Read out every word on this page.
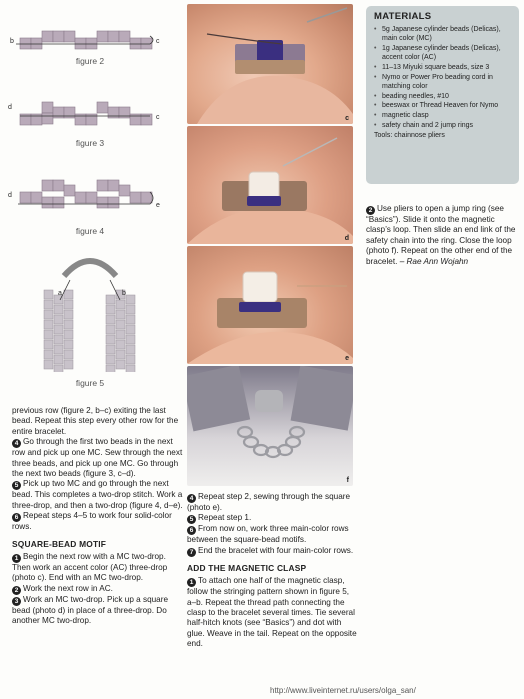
b	c
figure 2
d
c
figure 3
d
e
figure 4
a	b
figure 5
c
d
e
f
MATERIALS
• 5g Japanese cylinder beads (Delicas), main color (MC)
• 1g Japanese cylinder beads (Delicas), accent color (AC)
• 11–13 Miyuki square beads, size 3
• Nymo or Power Pro beading cord in matching color
• beading needles, #10
• beeswax or Thread Heaven for Nymo
• magnetic clasp
• safety chain and 2 jump rings
Tools: chainnose pliers

2 Use pliers to open a jump ring (see “Basics”). Slide it onto the magnetic clasp’s loop. Then slide an end link of the safety chain into the ring. Close the loop (photo f). Repeat on the other end of the bracelet. – Rae Ann Wojahn

previous row (figure 2, b–c) exiting the last bead. Repeat this step every other row for the entire bracelet.

4 Go through the first two beads in the next row and pick up one MC. Sew through the next three beads, and pick up one MC. Go through the next two beads (figure 3, c–d).

5 Pick up two MC and go through the next bead. This completes a two-drop stitch. Work a three-drop, and then a two-drop (figure 4, d–e).

6 Repeat steps 4–5 to work four solid-color rows.

SQUARE-BEAD MOTIF

1 Begin the next row with a MC two-drop. Then work an accent color (AC) three-drop (photo c). End with an MC two-drop.

2 Work the next row in AC.

3 Work an MC two-drop. Pick up a square bead (photo d) in place of a three-drop. Do another MC two-drop.

4 Repeat step 2, sewing through the square (photo e).

5 Repeat step 1.

6 From now on, work three main-color rows between the square-bead motifs.

7 End the bracelet with four main-color rows.

ADD THE MAGNETIC CLASP

1 To attach one half of the magnetic clasp, follow the stringing pattern shown in figure 5, a–b. Repeat the thread path connecting the clasp to the bracelet several times. Tie several half-hitch knots (see “Basics”) and dot with glue. Weave in the tail. Repeat on the opposite end.

http://www.liveinternet.ru/users/olga_san/
